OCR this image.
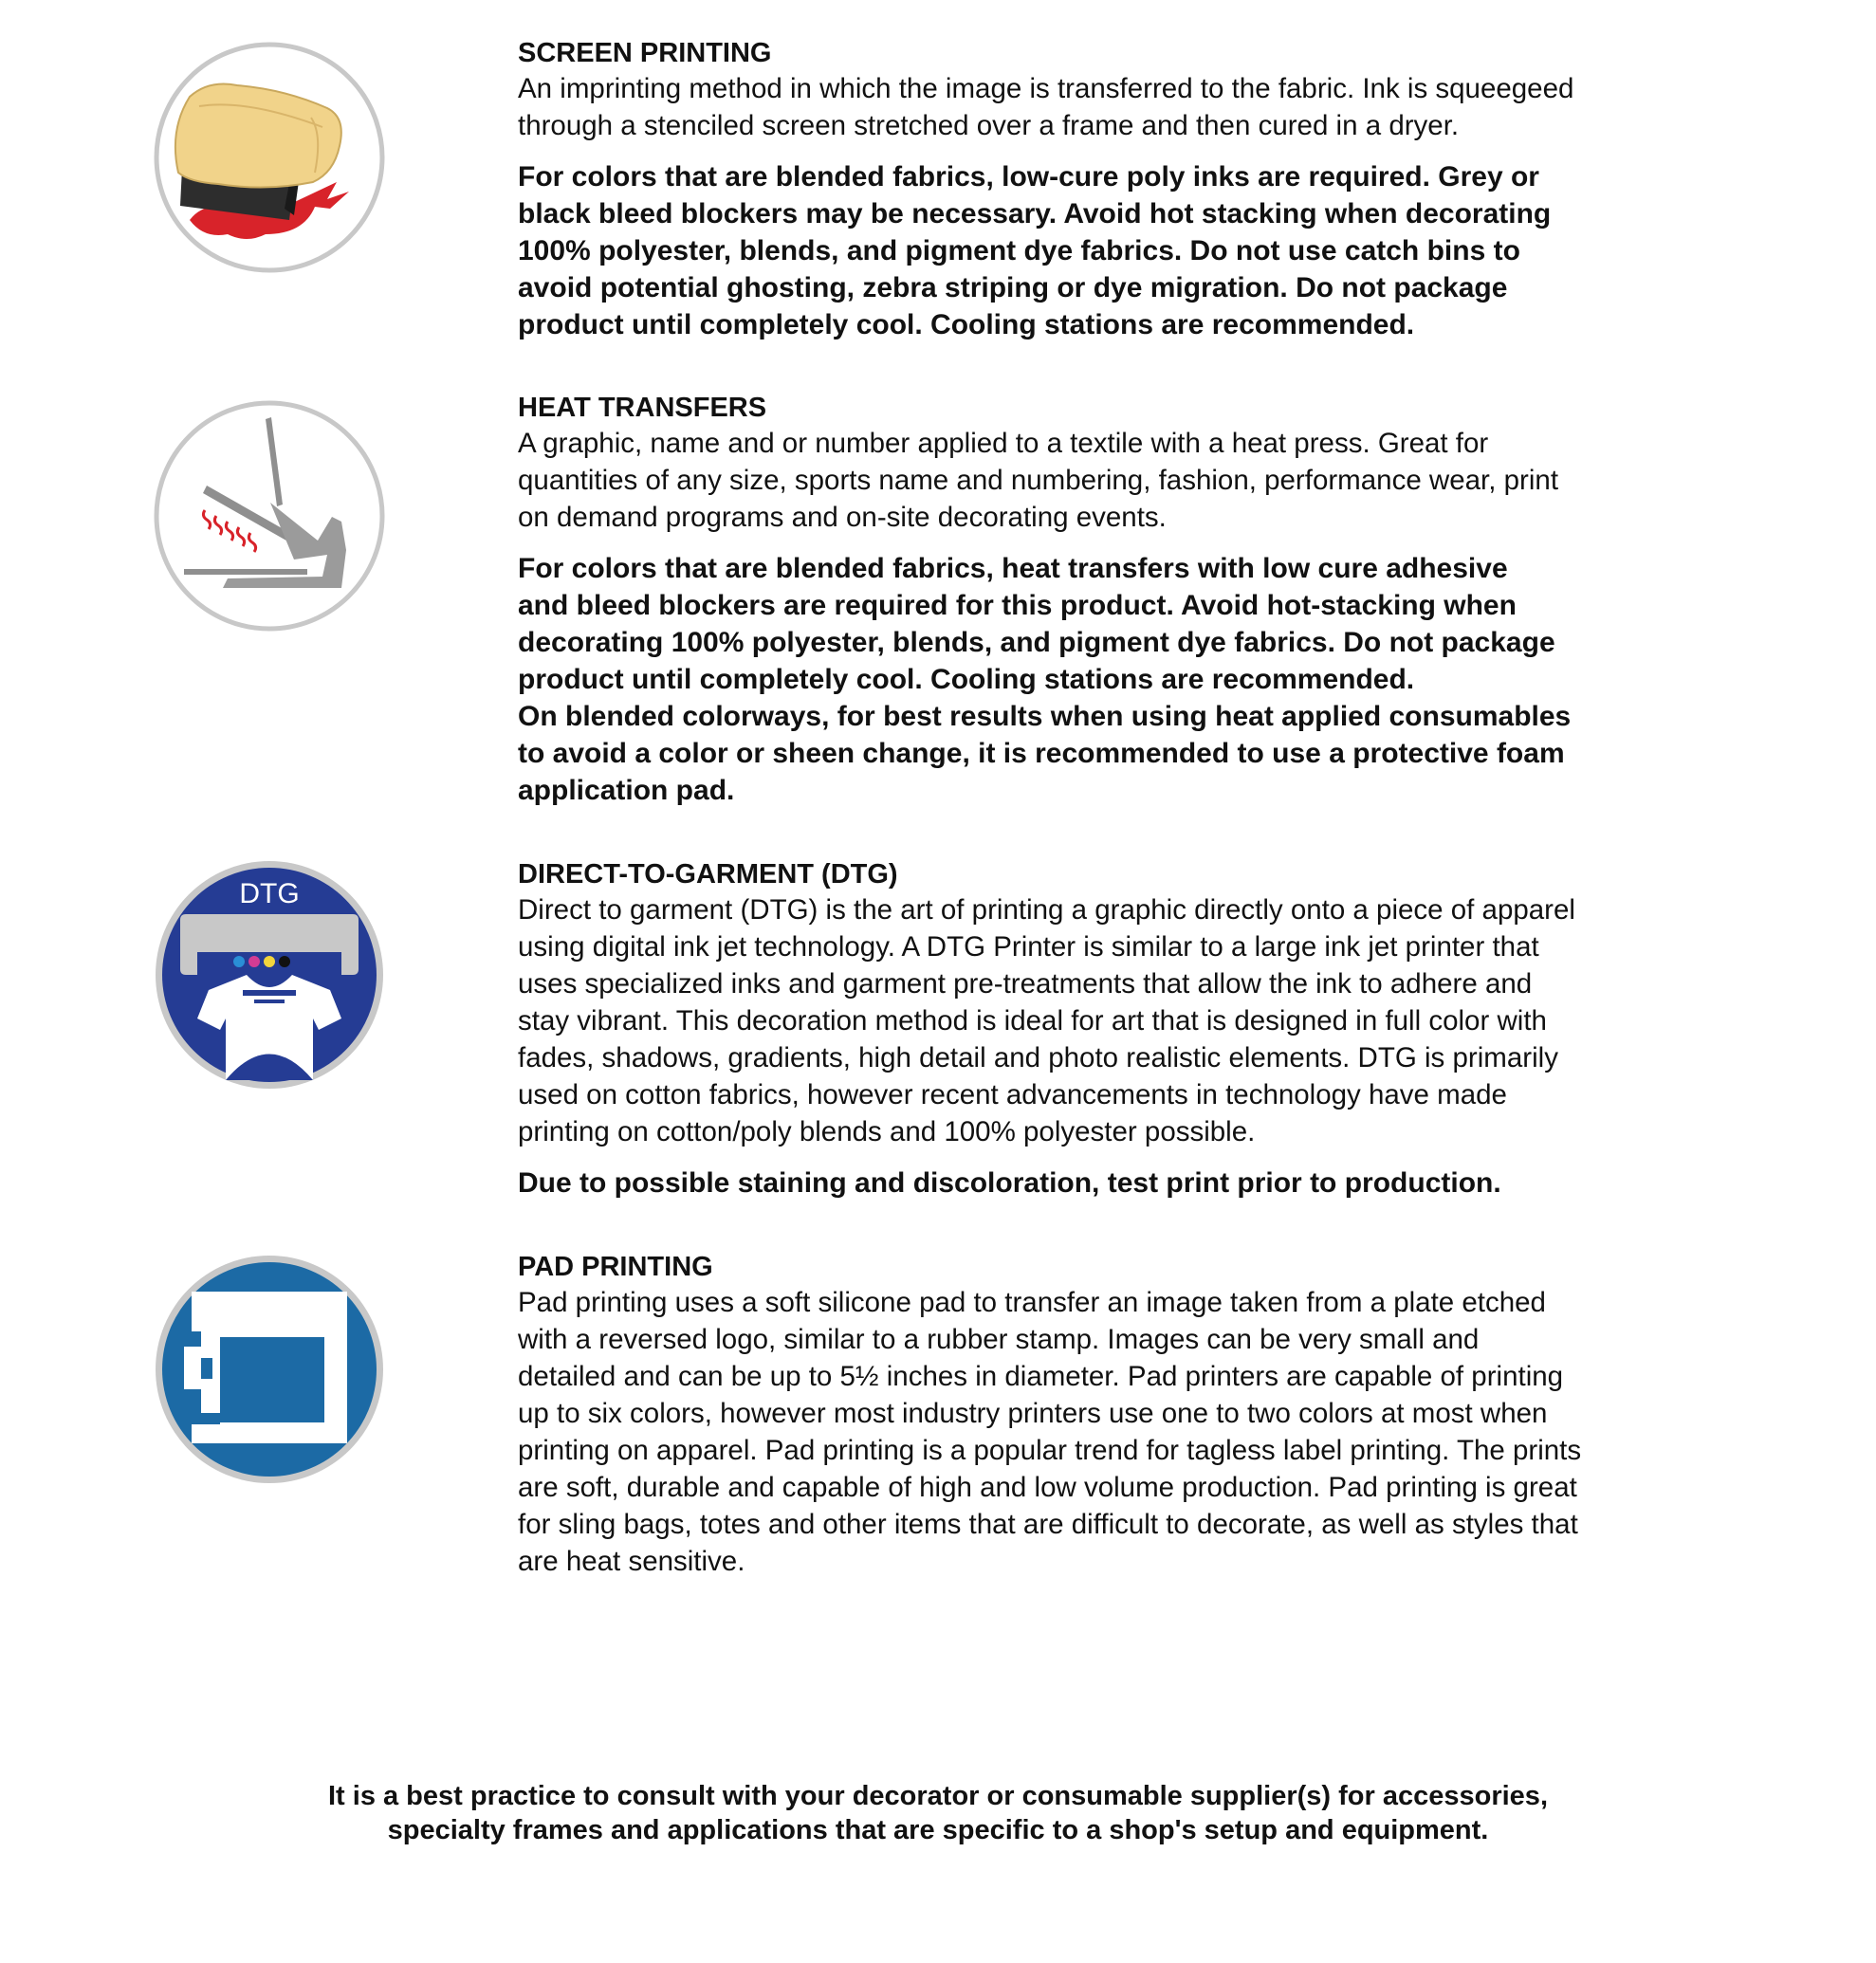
DTG
SCREEN PRINTING
An imprinting method in which the image is transferred to the fabric. Ink is squeegeed
through a stenciled screen stretched over a frame and then cured in a dryer.
For colors that are blended fabrics, low-cure poly inks are required. Grey or
black bleed blockers may be necessary. Avoid hot stacking when decorating
100% polyester, blends, and pigment dye fabrics. Do not use catch bins to
avoid potential ghosting, zebra striping or dye migration. Do not package
product until completely cool. Cooling stations are recommended.
HEAT TRANSFERS
A graphic, name and or number applied to a textile with a heat press. Great for
quantities of any size, sports name and numbering, fashion, performance wear, print
on demand programs and on-site decorating events.
For colors that are blended fabrics, heat transfers with low cure adhesive
and bleed blockers are required for this product. Avoid hot-stacking when
decorating 100% polyester, blends, and pigment dye fabrics. Do not package
product until completely cool. Cooling stations are recommended.
On blended colorways, for best results when using heat applied consumables
to avoid a color or sheen change, it is recommended to use a protective foam
application pad.
DIRECT-TO-GARMENT (DTG)
Direct to garment (DTG) is the art of printing a graphic directly onto a piece of apparel
using digital ink jet technology. A DTG Printer is similar to a large ink jet printer that
uses specialized inks and garment pre-treatments that allow the ink to adhere and
stay vibrant. This decoration method is ideal for art that is designed in full color with
fades, shadows, gradients, high detail and photo realistic elements. DTG is primarily
used on cotton fabrics, however recent advancements in technology have made
printing on cotton/poly blends and 100% polyester possible.
Due to possible staining and discoloration, test print prior to production.
PAD PRINTING
Pad printing uses a soft silicone pad to transfer an image taken from a plate etched
with a reversed logo, similar to a rubber stamp. Images can be very small and
detailed and can be up to 5½ inches in diameter. Pad printers are capable of printing
up to six colors, however most industry printers use one to two colors at most when
printing on apparel. Pad printing is a popular trend for tagless label printing. The prints
are soft, durable and capable of high and low volume production. Pad printing is great
for sling bags, totes and other items that are difficult to decorate, as well as styles that
are heat sensitive.
It is a best practice to consult with your decorator or consumable supplier(s) for accessories,
specialty frames and applications that are specific to a shop's setup and equipment.
